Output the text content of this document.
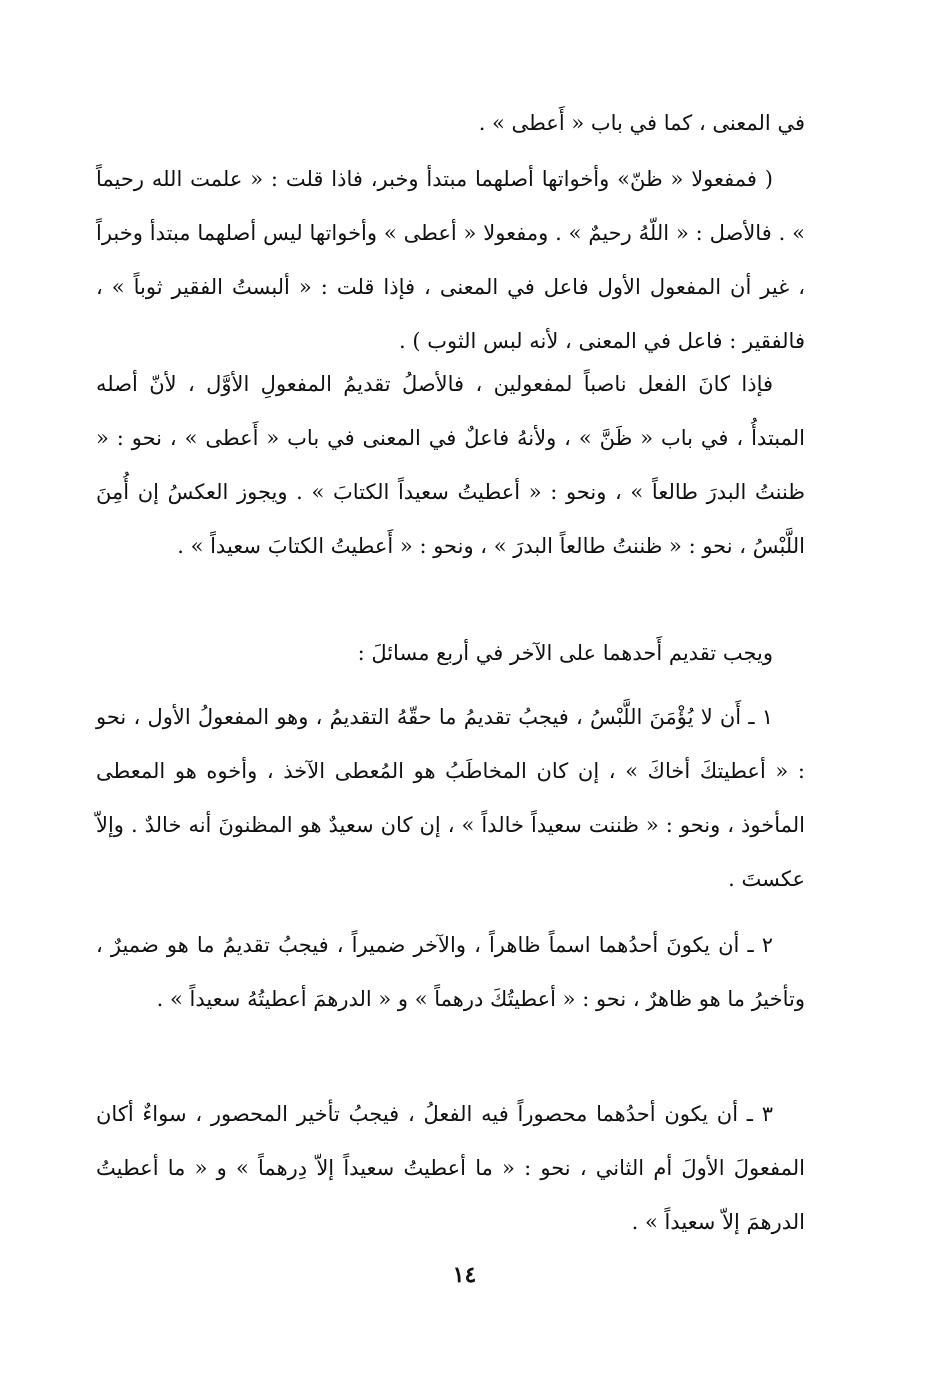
في المعنى ، كما في باب « أَعطى » .

( فمفعولا « ظنّ» وأخواتها أصلهما مبتدأ وخبر، فاذا قلت : « علمت الله رحيماً » . فالأصل : « اللّهُ رحيمٌ » . ومفعولا « أعطى » وأخواتها ليس أصلهما مبتدأ وخبراً ، غير أن المفعول الأول فاعل في المعنى ، فإذا قلت : « ألبستُ الفقير ثوباً » ، فالفقير : فاعل في المعنى ، لأنه لبس الثوب ) .

فإذا كانَ الفعل ناصباً لمفعولين ، فالأصلُ تقديمُ المفعولِ الأوَّل ، لأنّ أصله المبتدأُ ، في باب « ظَنَّ » ، ولأنهُ فاعلٌ في المعنى في باب « أَعطى » ، نحو : « ظننتُ البدرَ طالعاً » ، ونحو : « أعطيتُ سعيداً الكتابَ » . ويجوز العكسُ إن أُمِنَ اللَّبْسُ ، نحو : « ظننتُ طالعاً البدرَ » ، ونحو : « أَعطيتُ الكتابَ سعيداً » .

ويجب تقديم أَحدهما على الآخر في أربع مسائلَ :

١ ـ أَن لا يُؤْمَنَ اللَّبْسُ ، فيجبُ تقديمُ ما حقّهُ التقديمُ ، وهو المفعولُ الأول ، نحو : « أعطيتكَ أخاكَ » ، إن كان المخاطَبُ هو المُعطى الآخذ ، وأخوه هو المعطى المأخوذ ، ونحو : « ظننت سعيداً خالداً » ، إن كان سعيدٌ هو المظنونَ أنه خالدٌ . وإلاّ عكستَ .

٢ ـ أن يكونَ أحدُهما اسماً ظاهراً ، والآخر ضميراً ، فيجبُ تقديمُ ما هو ضميرٌ ، وتأخيرُ ما هو ظاهرٌ ، نحو : « أعطيتُكَ درهماً » و « الدرهمَ أعطيتُهُ سعيداً » .

٣ ـ أن يكون أحدُهما محصوراً فيه الفعلُ ، فيجبُ تأخير المحصور ، سواءٌ أكان المفعولَ الأولَ أم الثاني ، نحو : « ما أعطيتُ سعيداً إلاّ دِرهماً » و « ما أعطيتُ الدرهمَ إلاّ سعيداً » .

١٤
